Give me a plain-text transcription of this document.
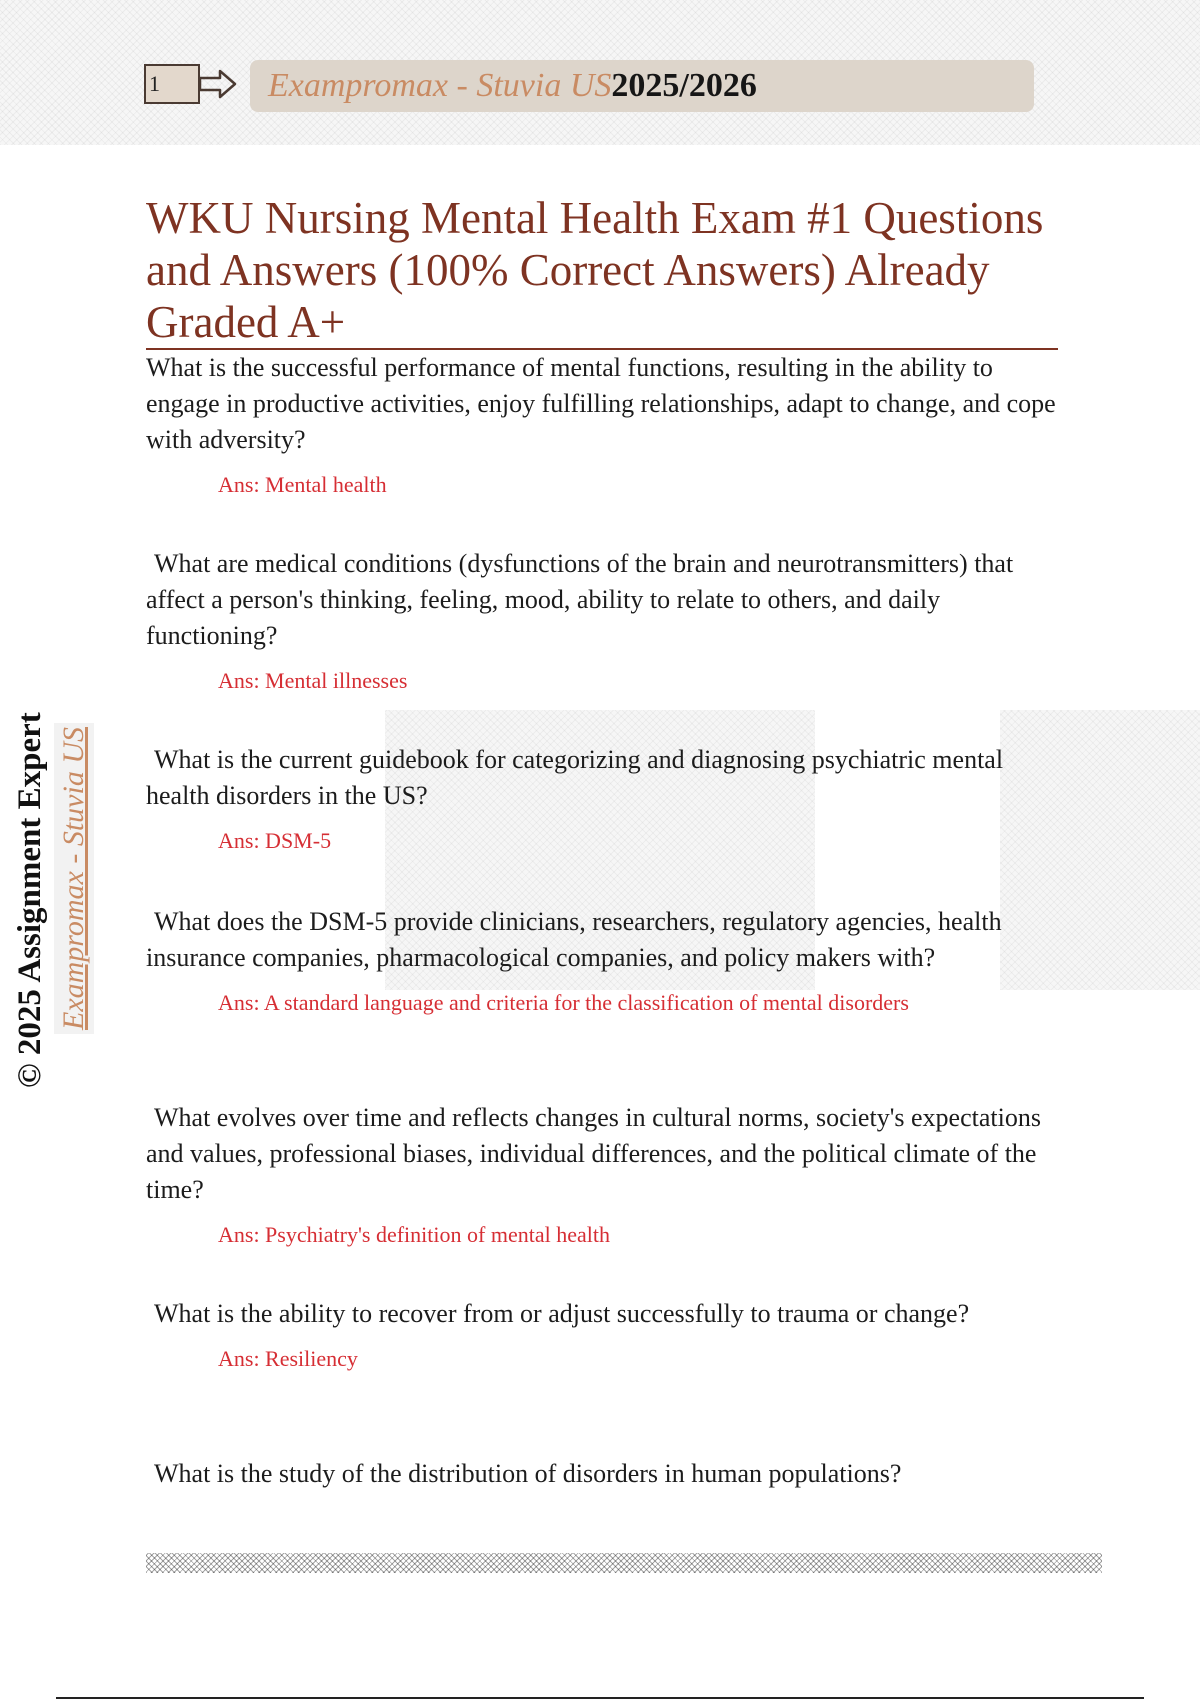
1	Exampromax - Stuvia US2025/2026
© 2025 Assignment Expert Exampromax - Stuvia US
WKU Nursing Mental Health Exam #1 Questions and Answers (100% Correct Answers) Already Graded A+

What is the successful performance of mental functions, resulting in the ability to engage in productive activities, enjoy fulfilling relationships, adapt to change, and cope with adversity?

Ans: Mental health

What are medical conditions (dysfunctions of the brain and neurotransmitters) that affect a person's thinking, feeling, mood, ability to relate to others, and daily functioning?

Ans: Mental illnesses

What is the current guidebook for categorizing and diagnosing psychiatric mental health disorders in the US?

Ans: DSM-5

What does the DSM-5 provide clinicians, researchers, regulatory agencies, health insurance companies, pharmacological companies, and policy makers with?

Ans: A standard language and criteria for the classification of mental disorders

What evolves over time and reflects changes in cultural norms, society's expectations and values, professional biases, individual differences, and the political climate of the time?

Ans: Psychiatry's definition of mental health

What is the ability to recover from or adjust successfully to trauma or change?

Ans: Resiliency

What is the study of the distribution of disorders in human populations?
